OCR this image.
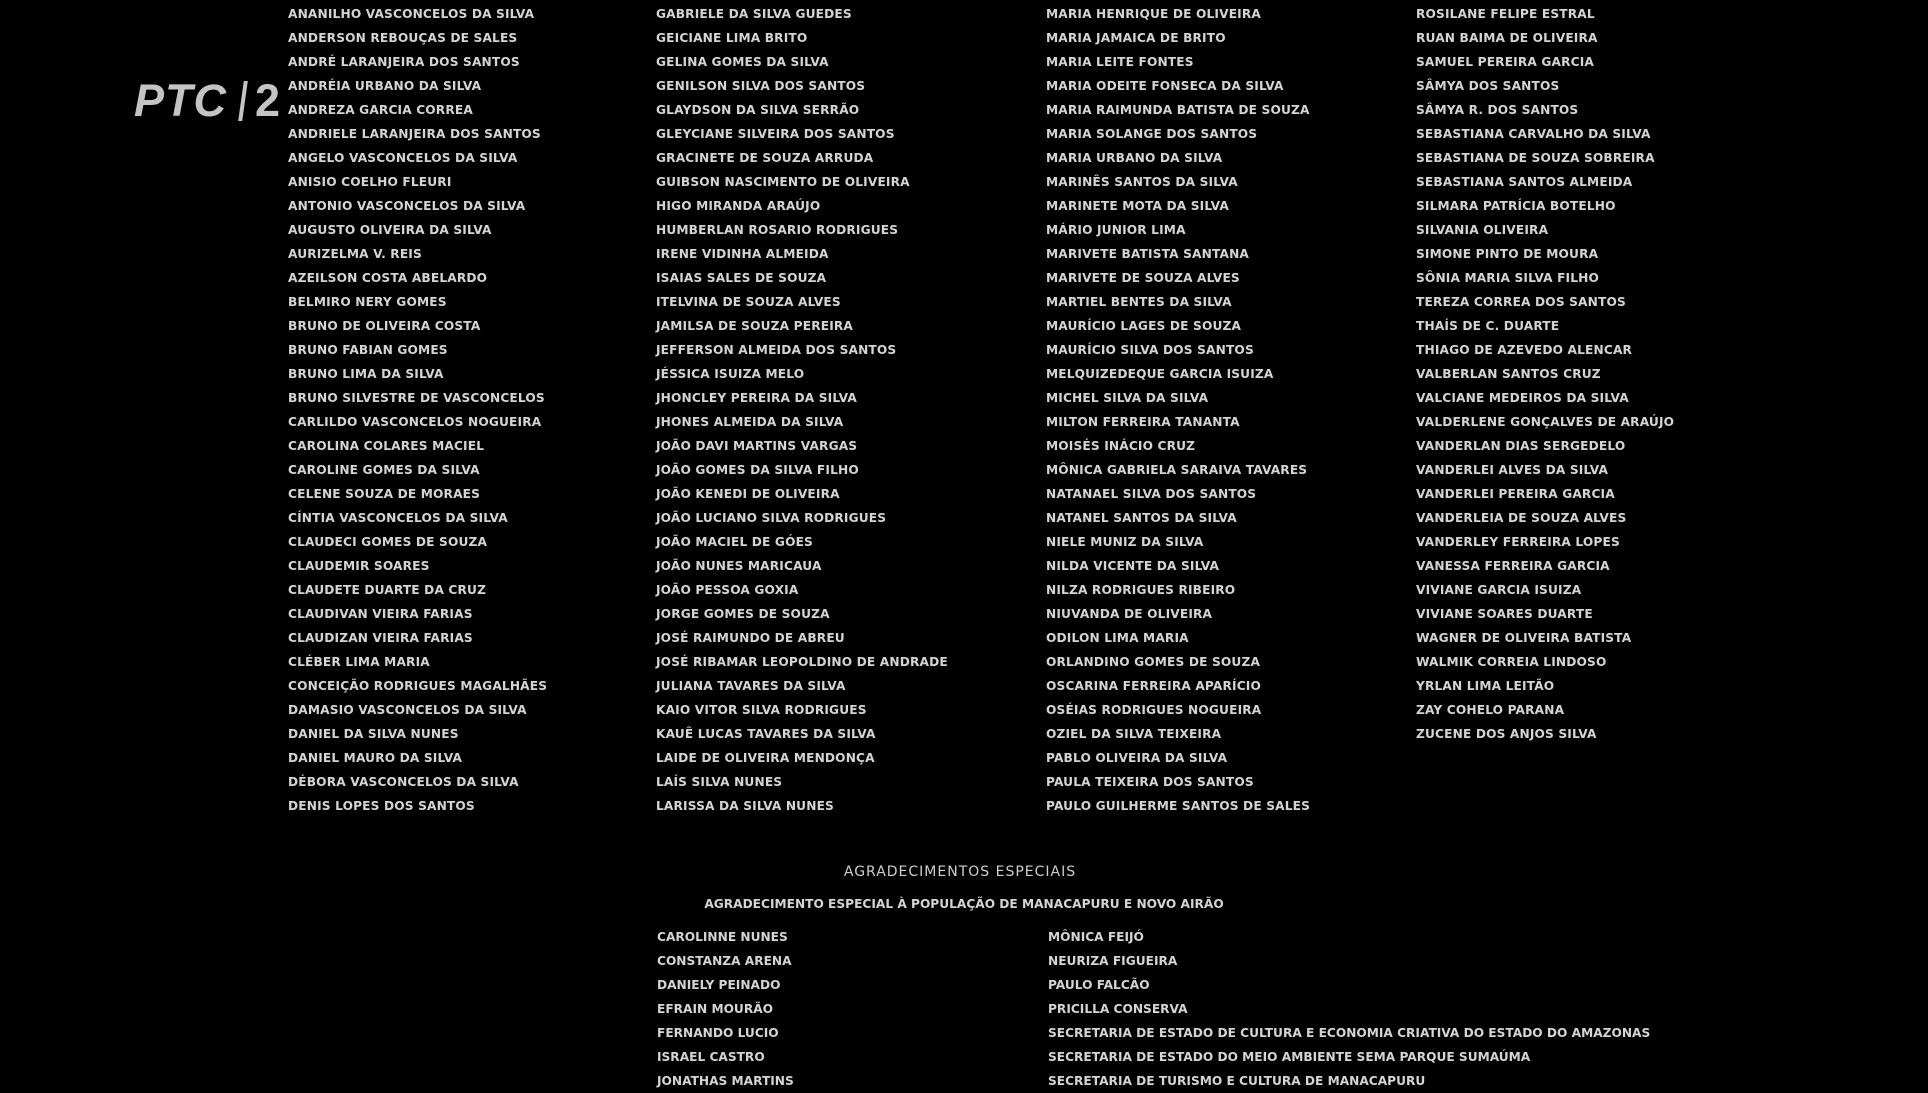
PTC 2
ANANILHO VASCONCELOS DA SILVA
ANDERSON REBOUÇAS DE SALES
ANDRÉ LARANJEIRA DOS SANTOS
ANDRÉIA URBANO DA SILVA
ANDREZA GARCIA CORREA
ANDRIELE LARANJEIRA DOS SANTOS
ANGELO VASCONCELOS DA SILVA
ANISIO COELHO FLEURI
ANTONIO VASCONCELOS DA SILVA
AUGUSTO OLIVEIRA DA SILVA
AURIZELMA V. REIS
AZEILSON COSTA ABELARDO
BELMIRO NERY GOMES
BRUNO DE OLIVEIRA COSTA
BRUNO FABIAN GOMES
BRUNO LIMA DA SILVA
BRUNO SILVESTRE DE VASCONCELOS
CARLILDO VASCONCELOS NOGUEIRA
CAROLINA COLARES MACIEL
CAROLINE GOMES DA SILVA
CELENE SOUZA DE MORAES
CÍNTIA VASCONCELOS DA SILVA
CLAUDECI GOMES DE SOUZA
CLAUDEMIR SOARES
CLAUDETE DUARTE DA CRUZ
CLAUDIVAN VIEIRA FARIAS
CLAUDIZAN VIEIRA FARIAS
CLÉBER LIMA MARIA
CONCEIÇÃO RODRIGUES MAGALHÃES
DAMASIO VASCONCELOS DA SILVA
DANIEL DA SILVA NUNES
DANIEL MAURO DA SILVA
DÉBORA VASCONCELOS DA SILVA
DENIS LOPES DOS SANTOS
GABRIELE DA SILVA GUEDES
GEICIANE LIMA BRITO
GELINA GOMES DA SILVA
GENILSON SILVA DOS SANTOS
GLAYDSON DA SILVA SERRÃO
GLEYCIANE SILVEIRA DOS SANTOS
GRACINETE DE SOUZA ARRUDA
GUIBSON NASCIMENTO DE OLIVEIRA
HIGO MIRANDA ARAÚJO
HUMBERLAN ROSARIO RODRIGUES
IRENE VIDINHA ALMEIDA
ISAIAS SALES DE SOUZA
ITELVINA DE SOUZA ALVES
JAMILSA DE SOUZA PEREIRA
JEFFERSON ALMEIDA DOS SANTOS
JÉSSICA ISUIZA MELO
JHONCLEY PEREIRA DA SILVA
JHONES ALMEIDA DA SILVA
JOÃO DAVI MARTINS VARGAS
JOÃO GOMES DA SILVA FILHO
JOÃO KENEDI DE OLIVEIRA
JOÃO LUCIANO SILVA RODRIGUES
JOÃO MACIEL DE GÓES
JOÃO NUNES MARICAUA
JOÃO PESSOA GOXIA
JORGE GOMES DE SOUZA
JOSÉ RAIMUNDO DE ABREU
JOSÉ RIBAMAR LEOPOLDINO DE ANDRADE
JULIANA TAVARES DA SILVA
KAIO VITOR SILVA RODRIGUES
KAUÊ LUCAS TAVARES DA SILVA
LAIDE DE OLIVEIRA MENDONÇA
LAÍS SILVA NUNES
LARISSA DA SILVA NUNES
MARIA HENRIQUE DE OLIVEIRA
MARIA JAMAICA DE BRITO
MARIA LEITE FONTES
MARIA ODEITE FONSECA DA SILVA
MARIA RAIMUNDA BATISTA DE SOUZA
MARIA SOLANGE DOS SANTOS
MARIA URBANO DA SILVA
MARINÊS SANTOS DA SILVA
MARINETE MOTA DA SILVA
MÁRIO JUNIOR LIMA
MARIVETE BATISTA SANTANA
MARIVETE DE SOUZA ALVES
MARTIEL BENTES DA SILVA
MAURÍCIO LAGES DE SOUZA
MAURÍCIO SILVA DOS SANTOS
MELQUIZEDEQUE GARCIA ISUIZA
MICHEL SILVA DA SILVA
MILTON FERREIRA TANANTA
MOISÉS INÁCIO CRUZ
MÔNICA GABRIELA SARAIVA TAVARES
NATANAEL SILVA DOS SANTOS
NATANEL SANTOS DA SILVA
NIELE MUNIZ DA SILVA
NILDA VICENTE DA SILVA
NILZA RODRIGUES RIBEIRO
NIUVANDA DE OLIVEIRA
ODILON LIMA MARIA
ORLANDINO GOMES DE SOUZA
OSCARINA FERREIRA APARÍCIO
OSÉIAS RODRIGUES NOGUEIRA
OZIEL DA SILVA TEIXEIRA
PABLO OLIVEIRA DA SILVA
PAULA TEIXEIRA DOS SANTOS
PAULO GUILHERME SANTOS DE SALES
ROSILANE FELIPE ESTRAL
RUAN BAIMA DE OLIVEIRA
SAMUEL PEREIRA GARCIA
SÂMYA DOS SANTOS
SÂMYA R. DOS SANTOS
SEBASTIANA CARVALHO DA SILVA
SEBASTIANA DE SOUZA SOBREIRA
SEBASTIANA SANTOS ALMEIDA
SILMARA PATRÍCIA BOTELHO
SILVANIA OLIVEIRA
SIMONE PINTO DE MOURA
SÔNIA MARIA SILVA FILHO
TEREZA CORREA DOS SANTOS
THAÍS DE C. DUARTE
THIAGO DE AZEVEDO ALENCAR
VALBERLAN SANTOS CRUZ
VALCIANE MEDEIROS DA SILVA
VALDERLENE GONÇALVES DE ARAÚJO
VANDERLAN DIAS SERGEDELO
VANDERLEI ALVES DA SILVA
VANDERLEI PEREIRA GARCIA
VANDERLEIA DE SOUZA ALVES
VANDERLEY FERREIRA LOPES
VANESSA FERREIRA GARCIA
VIVIANE GARCIA ISUIZA
VIVIANE SOARES DUARTE
WAGNER DE OLIVEIRA BATISTA
WALMIK CORREIA LINDOSO
YRLAN LIMA LEITÃO
ZAY COHELO PARANA
ZUCENE DOS ANJOS SILVA
AGRADECIMENTOS ESPECIAIS
AGRADECIMENTO ESPECIAL À POPULAÇÃO DE MANACAPURU E NOVO AIRÃO
CAROLINNE NUNES
CONSTANZA ARENA
DANIELY PEINADO
EFRAIN MOURÃO
FERNANDO LUCIO
ISRAEL CASTRO
JONATHAS MARTINS
MÔNICA FEIJÓ
NEURIZA FIGUEIRA
PAULO FALCÃO
PRICILLA CONSERVA
SECRETARIA DE ESTADO DE CULTURA E ECONOMIA CRIATIVA DO ESTADO DO AMAZONAS
SECRETARIA DE ESTADO DO MEIO AMBIENTE SEMA PARQUE SUMAÚMA
SECRETARIA DE TURISMO E CULTURA DE MANACAPURU
